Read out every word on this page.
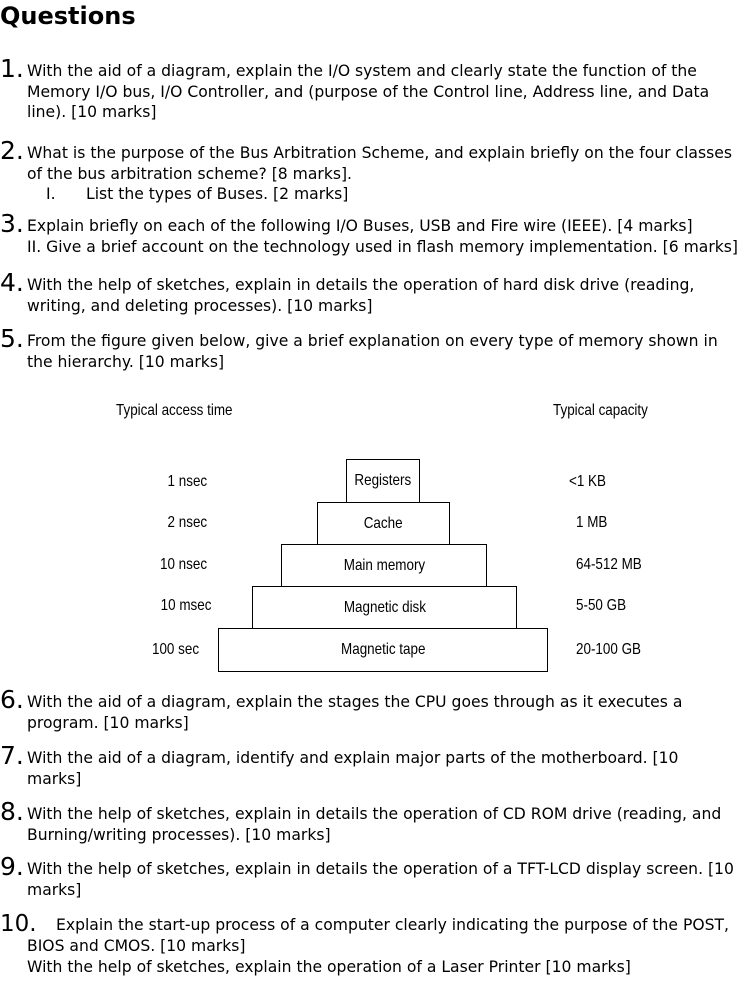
Questions
1. With the aid of a diagram, explain the I/O system and clearly state the function of the Memory I/O bus, I/O Controller, and (purpose of the Control line, Address line, and Data line). [10 marks]
2. What is the purpose of the Bus Arbitration Scheme, and explain briefly on the four classes of the bus arbitration scheme? [8 marks].
I. List the types of Buses. [2 marks]
3. Explain briefly on each of the following I/O Buses, USB and Fire wire (IEEE). [4 marks]
II. Give a brief account on the technology used in flash memory implementation. [6 marks]
4. With the help of sketches, explain in details the operation of hard disk drive (reading, writing, and deleting processes). [10 marks]
5. From the figure given below, give a brief explanation on every type of memory shown in the hierarchy. [10 marks]
Typical access time	Typical capacity
1 nsec	Registers	<1 KB
2 nsec	Cache	1 MB
10 nsec	Main memory	64-512 MB
10 msec	Magnetic disk	5-50 GB
100 sec	Magnetic tape	20-100 GB
6. With the aid of a diagram, explain the stages the CPU goes through as it executes a program. [10 marks]
7. With the aid of a diagram, identify and explain major parts of the motherboard. [10 marks]
8. With the help of sketches, explain in details the operation of CD ROM drive (reading, and Burning/writing processes). [10 marks]
9. With the help of sketches, explain in details the operation of a TFT-LCD display screen. [10 marks]
10.	Explain the start-up process of a computer clearly indicating the purpose of the POST, BIOS and CMOS. [10 marks]
With the help of sketches, explain the operation of a Laser Printer [10 marks]
